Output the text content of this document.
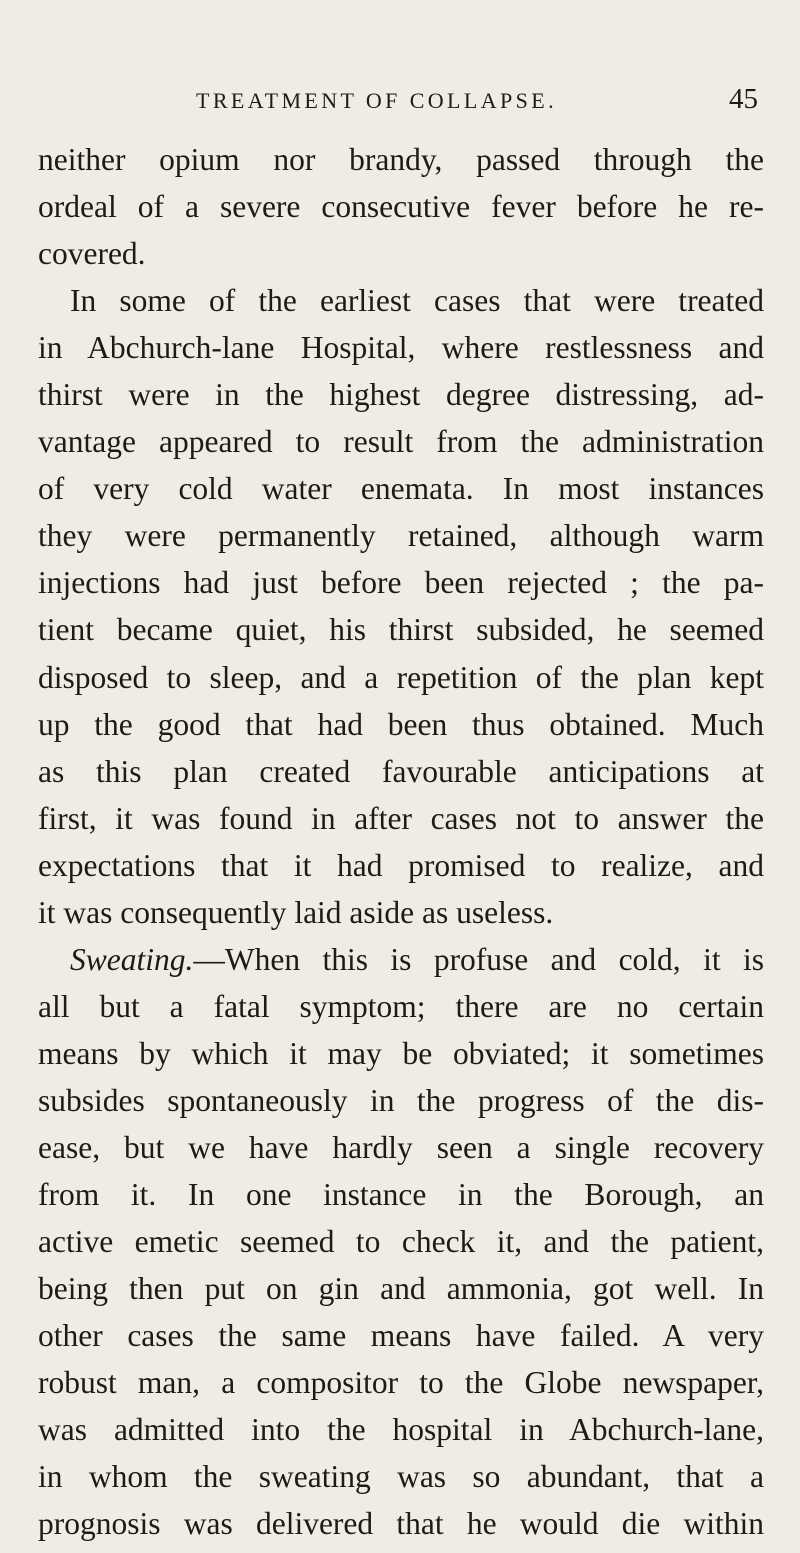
TREATMENT OF COLLAPSE.	45
neither opium nor brandy, passed through the
ordeal of a severe consecutive fever before he re-
covered.
In some of the earliest cases that were treated
in Abchurch-lane Hospital, where restlessness and
thirst were in the highest degree distressing, ad-
vantage appeared to result from the administration
of very cold water enemata. In most instances
they were permanently retained, although warm
injections had just before been rejected ; the pa-
tient became quiet, his thirst subsided, he seemed
disposed to sleep, and a repetition of the plan kept
up the good that had been thus obtained. Much
as this plan created favourable anticipations at
first, it was found in after cases not to answer the
expectations that it had promised to realize, and
it was consequently laid aside as useless.
Sweating.—When this is profuse and cold, it is
all but a fatal symptom; there are no certain
means by which it may be obviated; it sometimes
subsides spontaneously in the progress of the dis-
ease, but we have hardly seen a single recovery
from it. In one instance in the Borough, an
active emetic seemed to check it, and the patient,
being then put on gin and ammonia, got well. In
other cases the same means have failed. A very
robust man, a compositor to the Globe newspaper,
was admitted into the hospital in Abchurch-lane,
in whom the sweating was so abundant, that a
prognosis was delivered that he would die within
